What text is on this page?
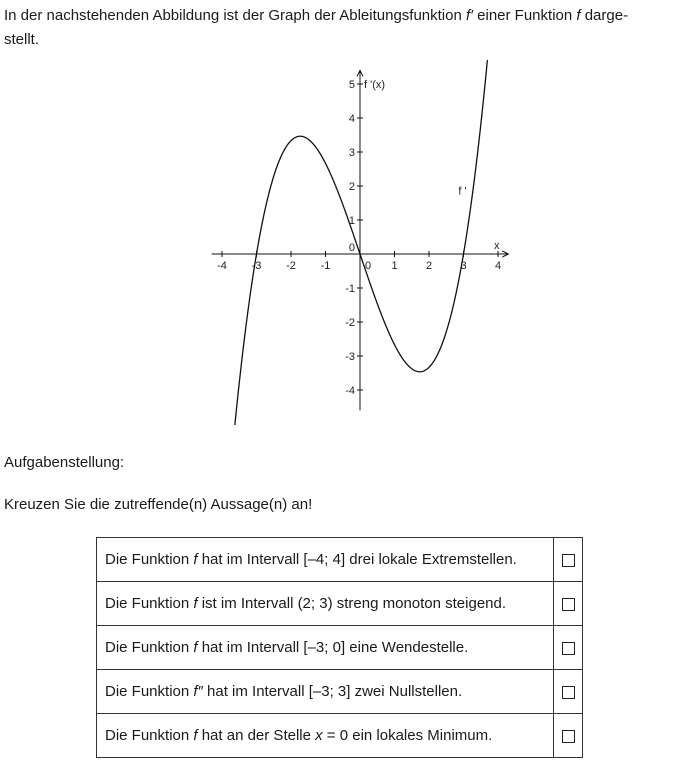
In der nachstehenden Abbildung ist der Graph der Ableitungsfunktion f′ einer Funktion f darge-
stellt.

-4 -3 -2 -1	0 1	2	3	4
5
4
3
2
1
0
-1
-2
-3
-4
f '(x)
x
f '

Aufgabenstellung:

Kreuzen Sie die zutreffende(n) Aussage(n) an!

Die Funktion f hat im Intervall [–4; 4] drei lokale Extremstellen.	
Die Funktion f ist im Intervall (2; 3) streng monoton steigend.	
Die Funktion f hat im Intervall [–3; 0] eine Wendestelle.	
Die Funktion f″ hat im Intervall [–3; 3] zwei Nullstellen.	
Die Funktion f hat an der Stelle x = 0 ein lokales Minimum.	
